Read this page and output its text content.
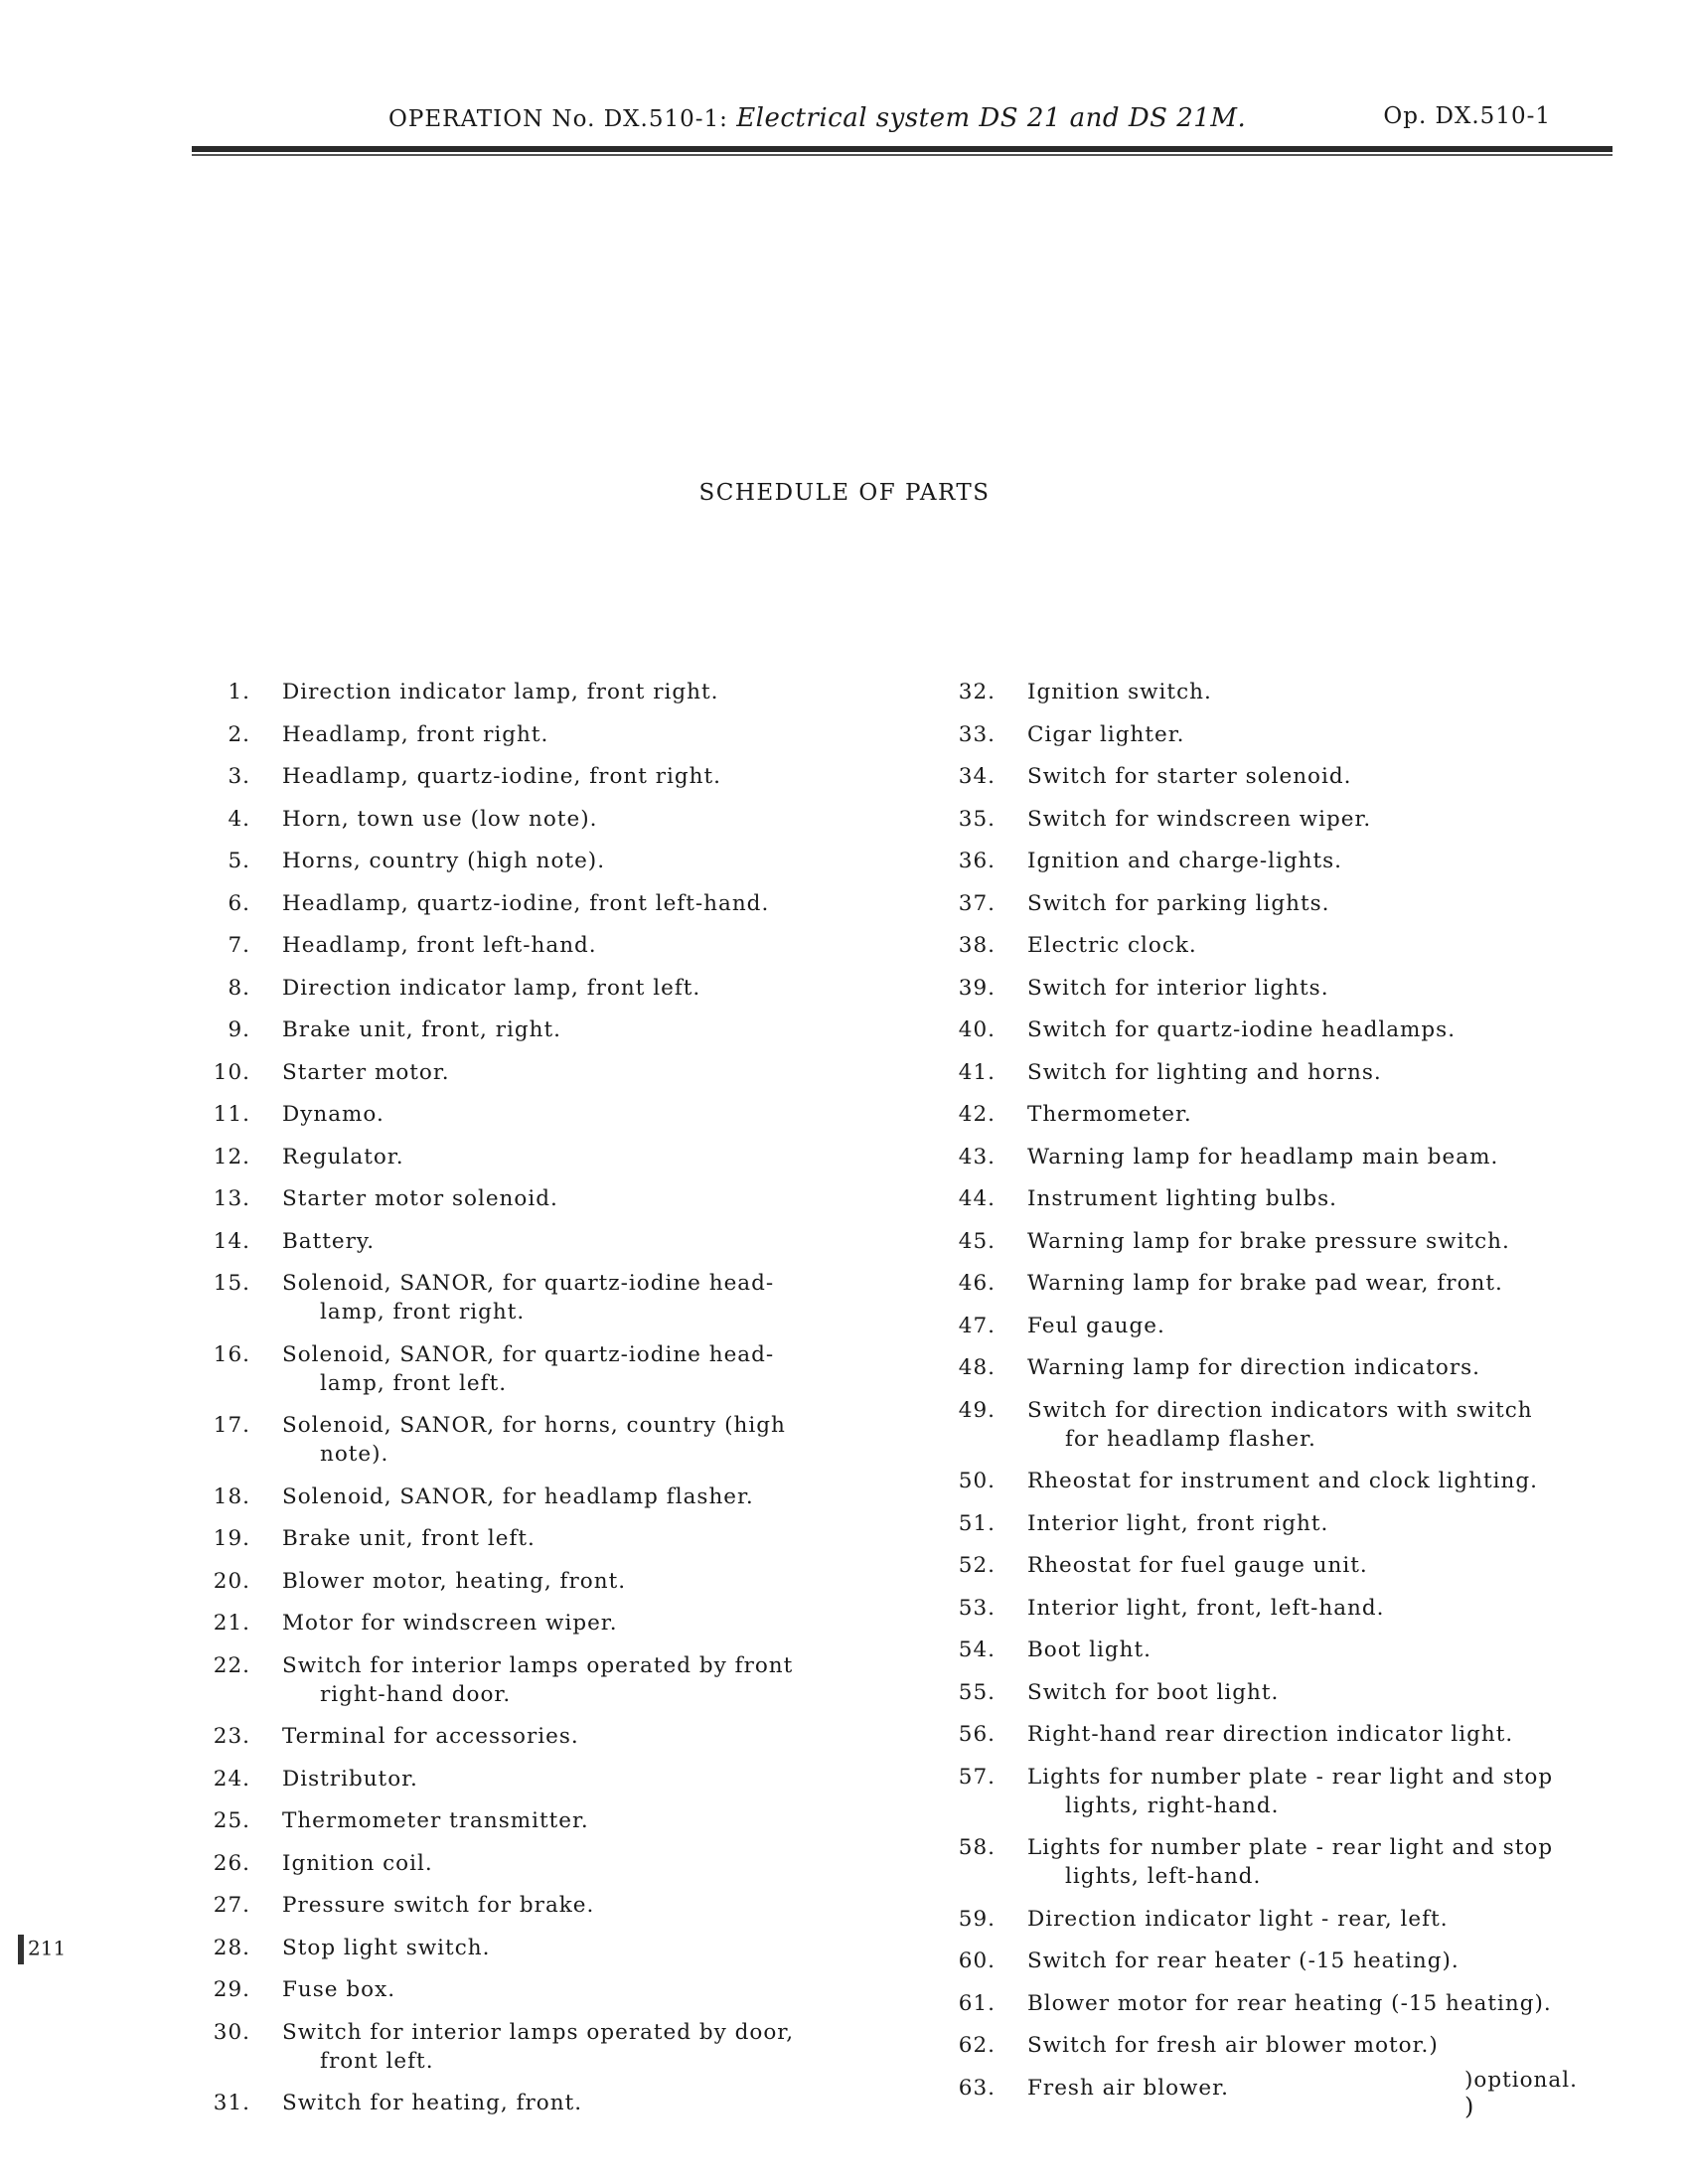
OPERATION No. DX.510-1: Electrical system DS 21 and DS 21M.	Op. DX.510-1
SCHEDULE OF PARTS
1. Direction indicator lamp, front right.
2. Headlamp, front right.
3. Headlamp, quartz-iodine, front right.
4. Horn, town use (low note).
5. Horns, country (high note).
6. Headlamp, quartz-iodine, front left-hand.
7. Headlamp, front left-hand.
8. Direction indicator lamp, front left.
9. Brake unit, front, right.
10. Starter motor.
11. Dynamo.
12. Regulator.
13. Starter motor solenoid.
14. Battery.
15. Solenoid, SANOR, for quartz-iodine head-
lamp, front right.
16. Solenoid, SANOR, for quartz-iodine head-
lamp, front left.
17. Solenoid, SANOR, for horns, country (high
note).
18. Solenoid, SANOR, for headlamp flasher.
19. Brake unit, front left.
20. Blower motor, heating, front.
21. Motor for windscreen wiper.
22. Switch for interior lamps operated by front
right-hand door.
23. Terminal for accessories.
24. Distributor.
25. Thermometer transmitter.
26. Ignition coil.
27. Pressure switch for brake.
28. Stop light switch.
29. Fuse box.
30. Switch for interior lamps operated by door,
front left.
31. Switch for heating, front.
32. Ignition switch.
33. Cigar lighter.
34. Switch for starter solenoid.
35. Switch for windscreen wiper.
36. Ignition and charge-lights.
37. Switch for parking lights.
38. Electric clock.
39. Switch for interior lights.
40. Switch for quartz-iodine headlamps.
41. Switch for lighting and horns.
42. Thermometer.
43. Warning lamp for headlamp main beam.
44. Instrument lighting bulbs.
45. Warning lamp for brake pressure switch.
46. Warning lamp for brake pad wear, front.
47. Feul gauge.
48. Warning lamp for direction indicators.
49. Switch for direction indicators with switch
for headlamp flasher.
50. Rheostat for instrument and clock lighting.
51. Interior light, front right.
52. Rheostat for fuel gauge unit.
53. Interior light, front, left-hand.
54. Boot light.
55. Switch for boot light.
56. Right-hand rear direction indicator light.
57. Lights for number plate - rear light and stop
lights, right-hand.
58. Lights for number plate - rear light and stop
lights, left-hand.
59. Direction indicator light - rear, left.
60. Switch for rear heater (-15 heating).
61. Blower motor for rear heating (-15 heating).
62. Switch for fresh air blower motor.)
63. Fresh air blower.	)optional.
)
211
